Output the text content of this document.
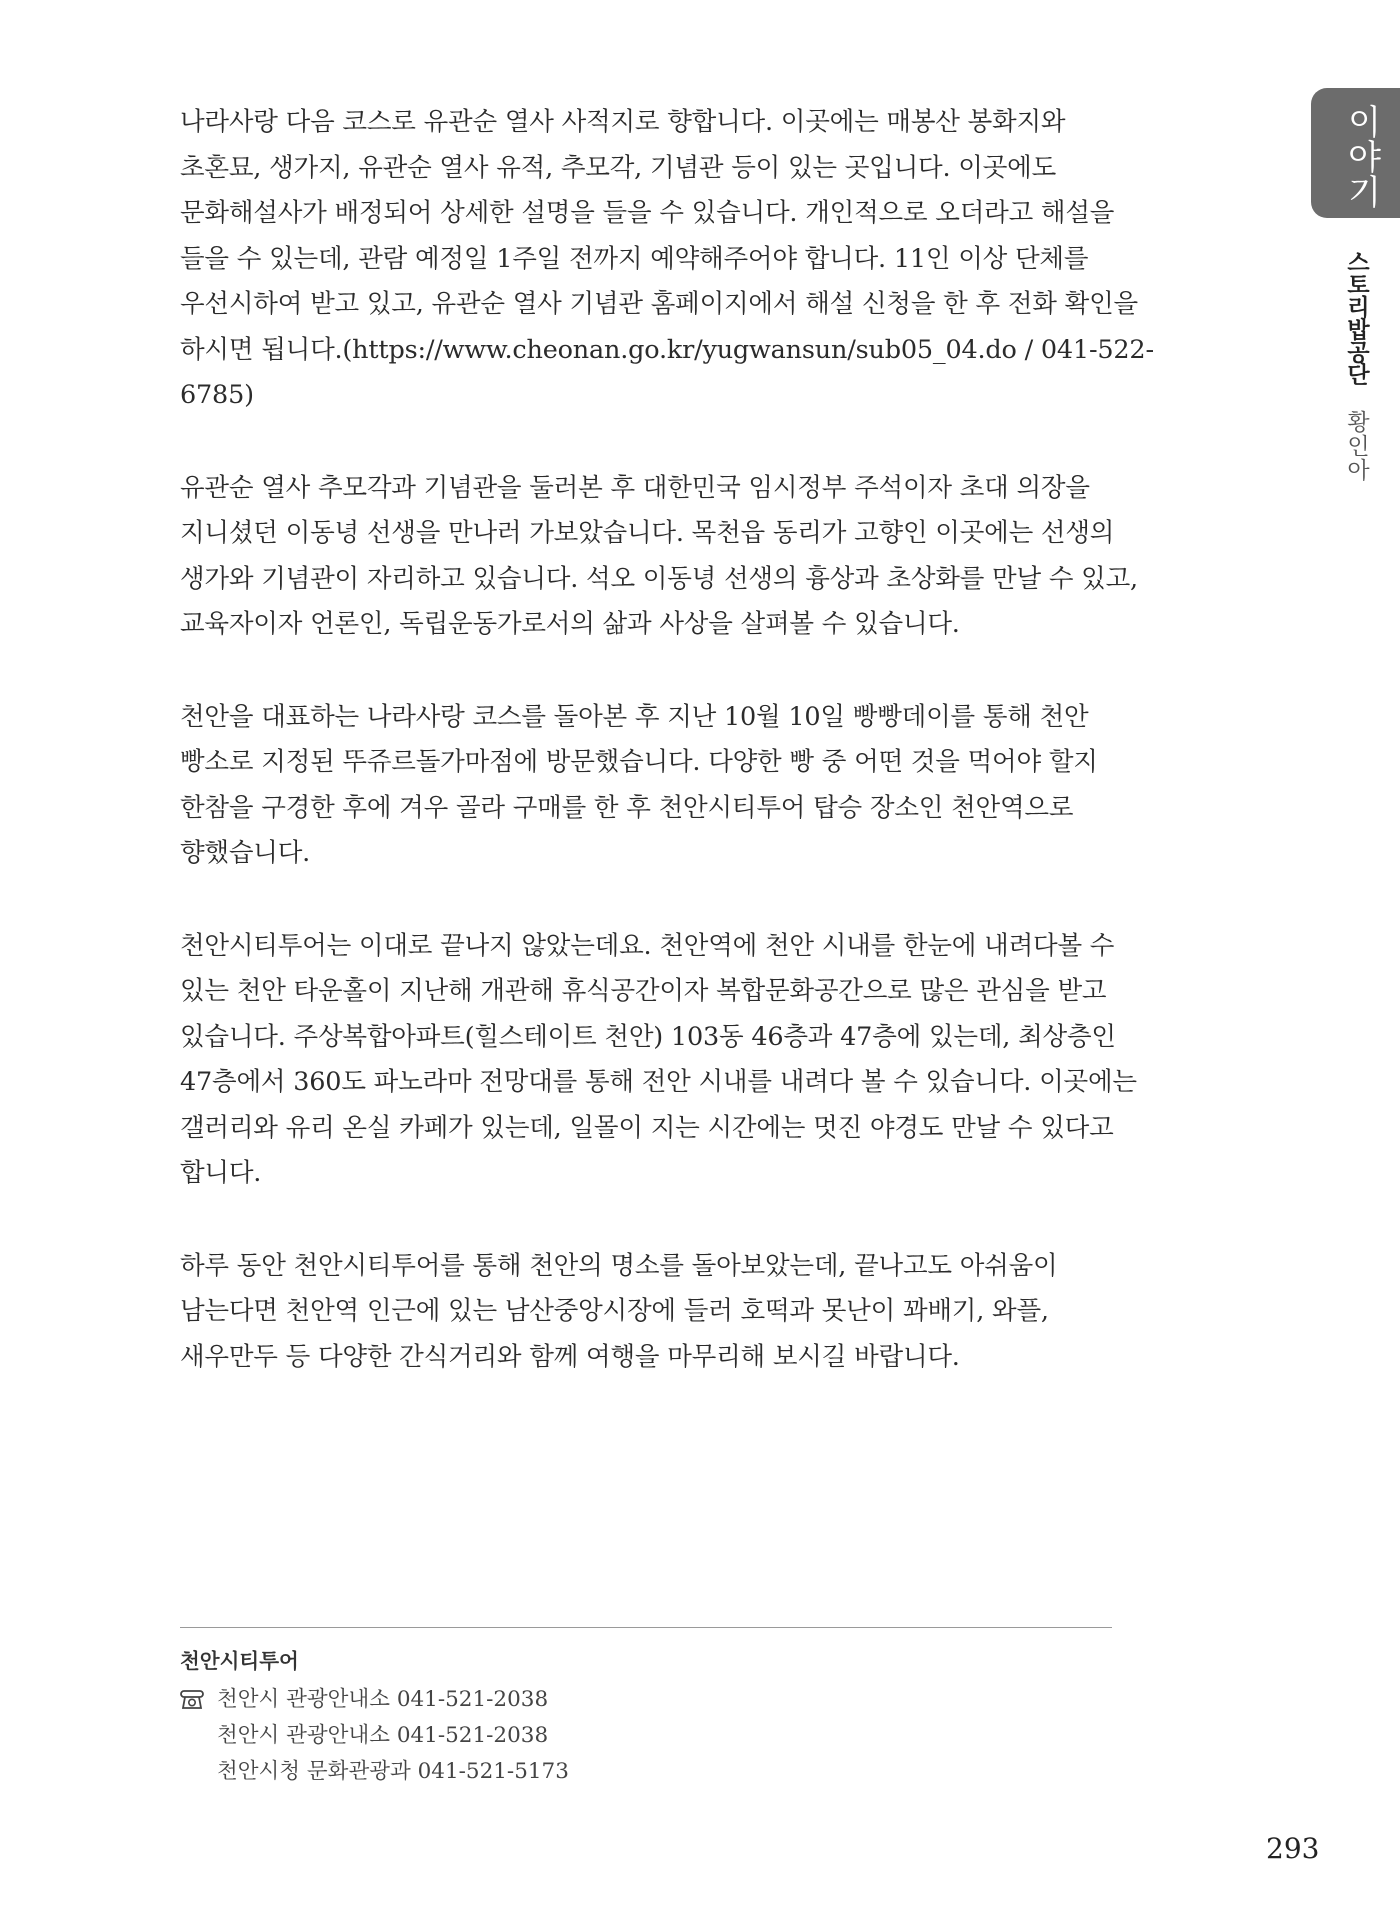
이야기
스토리밥공단
황인아

나라사랑 다음 코스로 유관순 열사 사적지로 향합니다. 이곳에는 매봉산 봉화지와
초혼묘, 생가지, 유관순 열사 유적, 추모각, 기념관 등이 있는 곳입니다. 이곳에도
문화해설사가 배정되어 상세한 설명을 들을 수 있습니다. 개인적으로 오더라고 해설을
들을 수 있는데, 관람 예정일 1주일 전까지 예약해주어야 합니다. 11인 이상 단체를
우선시하여 받고 있고, 유관순 열사 기념관 홈페이지에서 해설 신청을 한 후 전화 확인을
하시면 됩니다.(https://www.cheonan.go.kr/yugwansun/sub05_04.do / 041-522-
6785)

유관순 열사 추모각과 기념관을 둘러본 후 대한민국 임시정부 주석이자 초대 의장을
지니셨던 이동녕 선생을 만나러 가보았습니다. 목천읍 동리가 고향인 이곳에는 선생의
생가와 기념관이 자리하고 있습니다. 석오 이동녕 선생의 흉상과 초상화를 만날 수 있고,
교육자이자 언론인, 독립운동가로서의 삶과 사상을 살펴볼 수 있습니다.

천안을 대표하는 나라사랑 코스를 돌아본 후 지난 10월 10일 빵빵데이를 통해 천안
빵소로 지정된 뚜쥬르돌가마점에 방문했습니다. 다양한 빵 중 어떤 것을 먹어야 할지
한참을 구경한 후에 겨우 골라 구매를 한 후 천안시티투어 탑승 장소인 천안역으로
향했습니다.

천안시티투어는 이대로 끝나지 않았는데요. 천안역에 천안 시내를 한눈에 내려다볼 수
있는 천안 타운홀이 지난해 개관해 휴식공간이자 복합문화공간으로 많은 관심을 받고
있습니다. 주상복합아파트(힐스테이트 천안) 103동 46층과 47층에 있는데, 최상층인
47층에서 360도 파노라마 전망대를 통해 전안 시내를 내려다 볼 수 있습니다. 이곳에는
갤러리와 유리 온실 카페가 있는데, 일몰이 지는 시간에는 멋진 야경도 만날 수 있다고
합니다.

하루 동안 천안시티투어를 통해 천안의 명소를 돌아보았는데, 끝나고도 아쉬움이
남는다면 천안역 인근에 있는 남산중앙시장에 들러 호떡과 못난이 꽈배기, 와플,
새우만두 등 다양한 간식거리와 함께 여행을 마무리해 보시길 바랍니다.

천안시티투어
천안시 관광안내소 041-521-2038
천안시 관광안내소 041-521-2038
천안시청 문화관광과 041-521-5173
293
